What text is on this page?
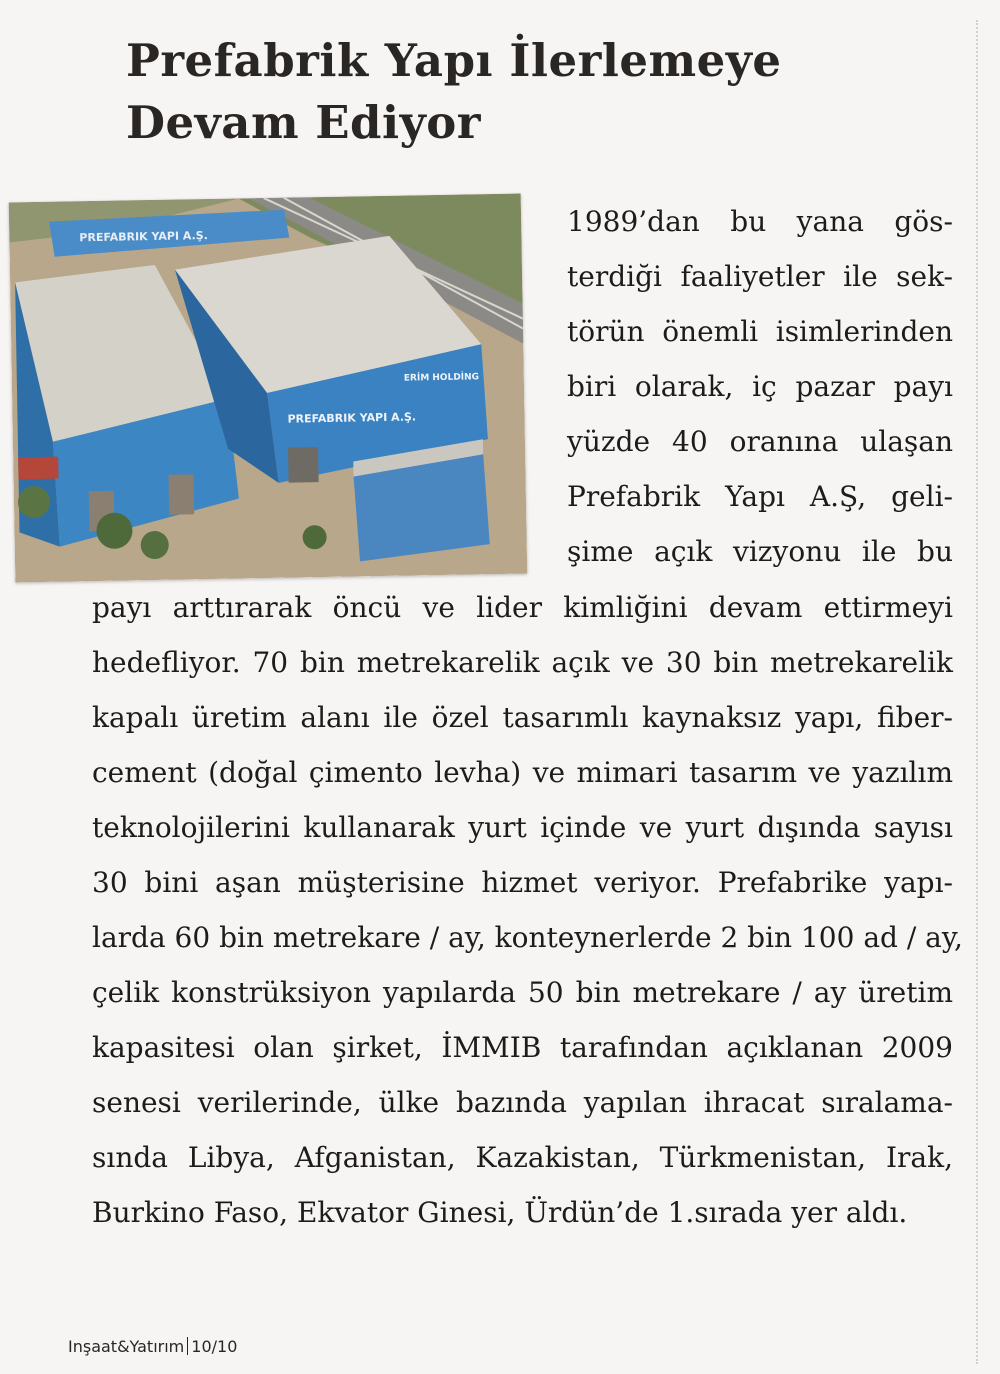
Prefabrik Yapı İlerlemeye
Devam Ediyor
PREFABRIK YAPI A.Ş.
PREFABRIK YAPI A.Ş.
ERİM HOLDİNG
1989’dan bu yana gös-
terdiği faaliyetler ile sek-
törün önemli isimlerinden
biri olarak, iç pazar payı
yüzde 40 oranına ulaşan
Prefabrik Yapı A.Ş, geli-
şime açık vizyonu ile bu
payı arttırarak öncü ve lider kimliğini devam ettirmeyi
hedefliyor. 70 bin metrekarelik açık ve 30 bin metrekarelik
kapalı üretim alanı ile özel tasarımlı kaynaksız yapı, fiber-
cement (doğal çimento levha) ve mimari tasarım ve yazılım
teknolojilerini kullanarak yurt içinde ve yurt dışında sayısı
30 bini aşan müşterisine hizmet veriyor. Prefabrike yapı-
larda 60 bin metrekare / ay, konteynerlerde 2 bin 100 ad / ay,
çelik konstrüksiyon yapılarda 50 bin metrekare / ay üretim
kapasitesi olan şirket, İMMIB tarafından açıklanan 2009
senesi verilerinde, ülke bazında yapılan ihracat sıralama-
sında Libya, Afganistan, Kazakistan, Türkmenistan, Irak,
Burkino Faso, Ekvator Ginesi, Ürdün’de 1.sırada yer aldı.
Inşaat&Yatırım 10/10
